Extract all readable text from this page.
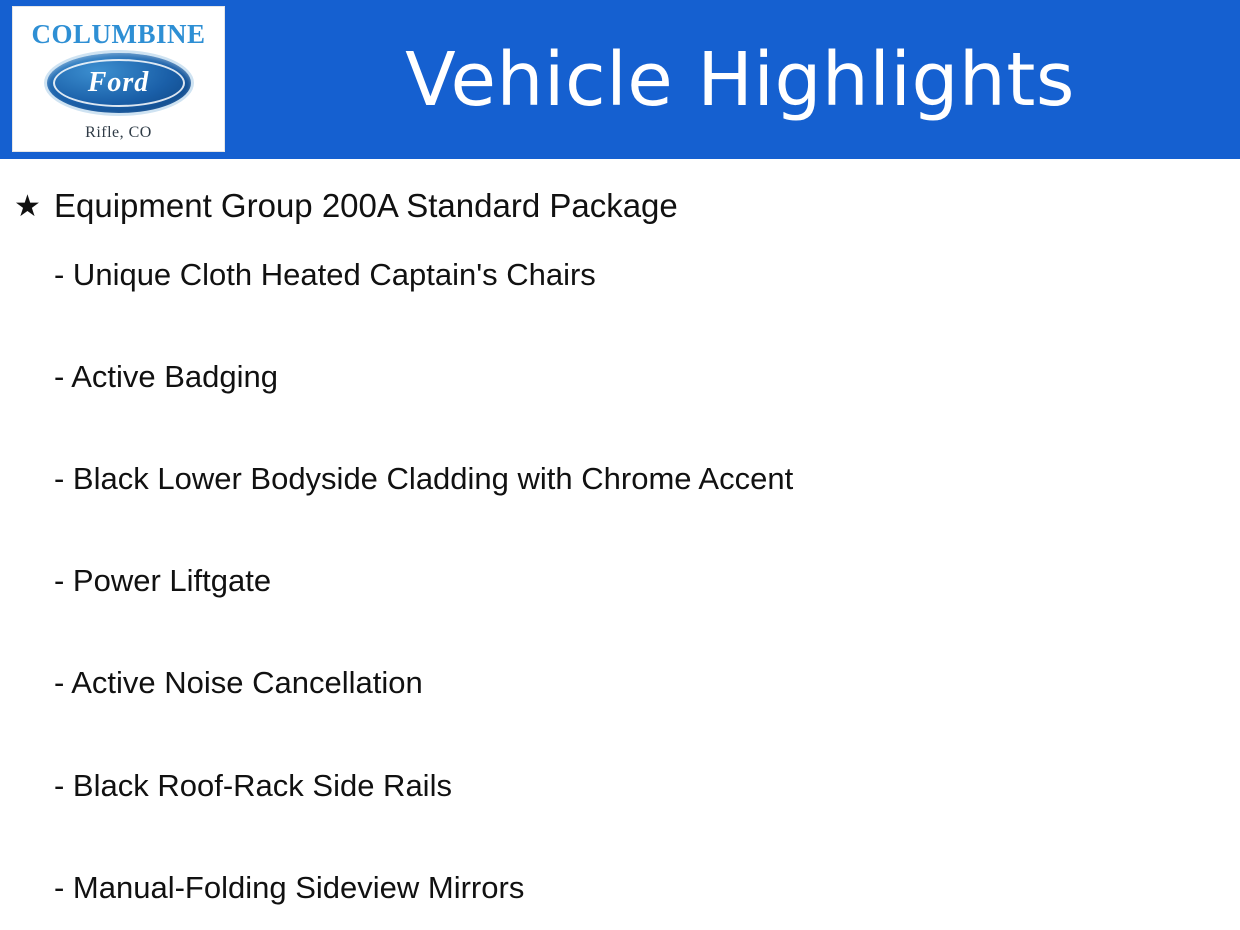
COLUMBINE
Ford
Rifle, CO
Vehicle Highlights
★ Equipment Group 200A Standard Package
- Unique Cloth Heated Captain's Chairs
- Active Badging
- Black Lower Bodyside Cladding with Chrome Accent
- Power Liftgate
- Active Noise Cancellation
- Black Roof-Rack Side Rails
- Manual-Folding Sideview Mirrors
